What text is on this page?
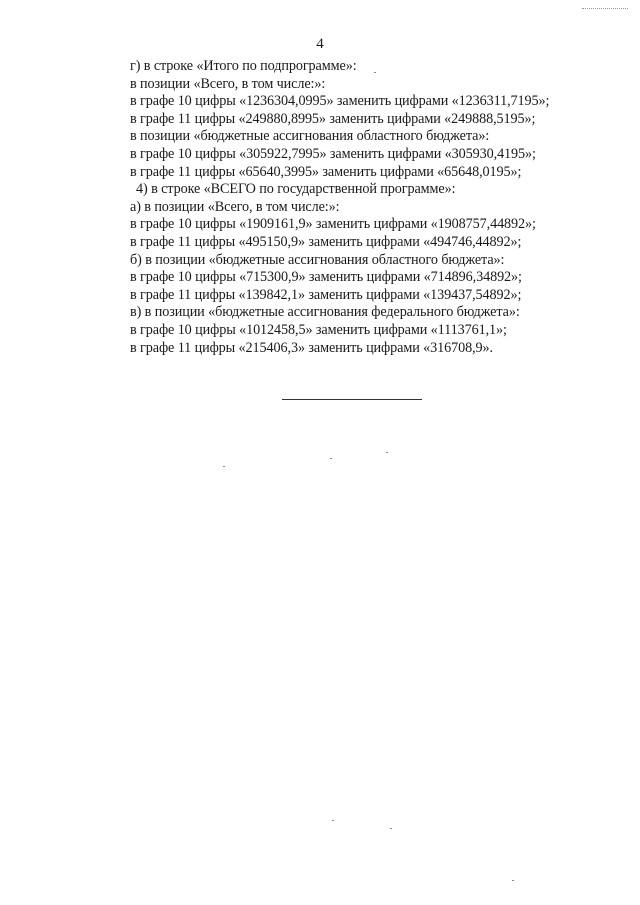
4
г) в строке «Итого по подпрограмме»:
в позиции «Всего, в том числе:»:
в графе 10 цифры «1236304,0995» заменить цифрами «1236311,7195»;
в графе 11 цифры «249880,8995» заменить цифрами «249888,5195»;
в позиции «бюджетные ассигнования областного бюджета»:
в графе 10 цифры «305922,7995» заменить цифрами «305930,4195»;
в графе 11 цифры «65640,3995» заменить цифрами «65648,0195»;
4) в строке «ВСЕГО по государственной программе»:
а) в позиции «Всего, в том числе:»:
в графе 10 цифры «1909161,9» заменить цифрами «1908757,44892»;
в графе 11 цифры «495150,9» заменить цифрами «494746,44892»;
б) в позиции «бюджетные ассигнования областного бюджета»:
в графе 10 цифры «715300,9» заменить цифрами «714896,34892»;
в графе 11 цифры «139842,1» заменить цифрами «139437,54892»;
в) в позиции «бюджетные ассигнования федерального бюджета»:
в графе 10 цифры «1012458,5» заменить цифрами «1113761,1»;
в графе 11 цифры «215406,3» заменить цифрами «316708,9».
